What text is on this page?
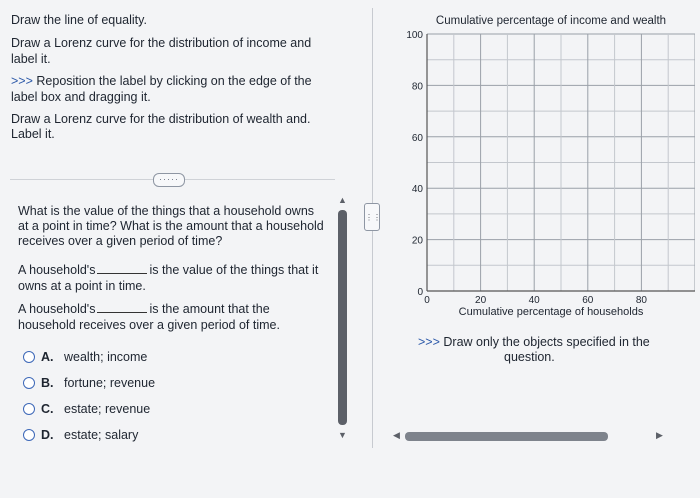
Draw the line of equality.
Draw a Lorenz curve for the distribution of income and
label it.
>>> Reposition the label by clicking on the edge of the
label box and dragging it.
Draw a Lorenz curve for the distribution of wealth and.
Label it.
·····
What is the value of the things that a household owns
at a point in time? What is the amount that a household
receives over a given period of time?
A household's	is the value of the things that it
owns at a point in time.
A household's	is the amount that the
household receives over a given period of time.
A. wealth; income
B. fortune; revenue
C. estate; revenue
D. estate; salary
▲
▼
⋮⋮
0
20
40
60
80
100
0	20	40	60	80
Cumulative percentage of income and wealth
Cumulative percentage of households
>>> Draw only the objects specified in the
question.
◀	▶
